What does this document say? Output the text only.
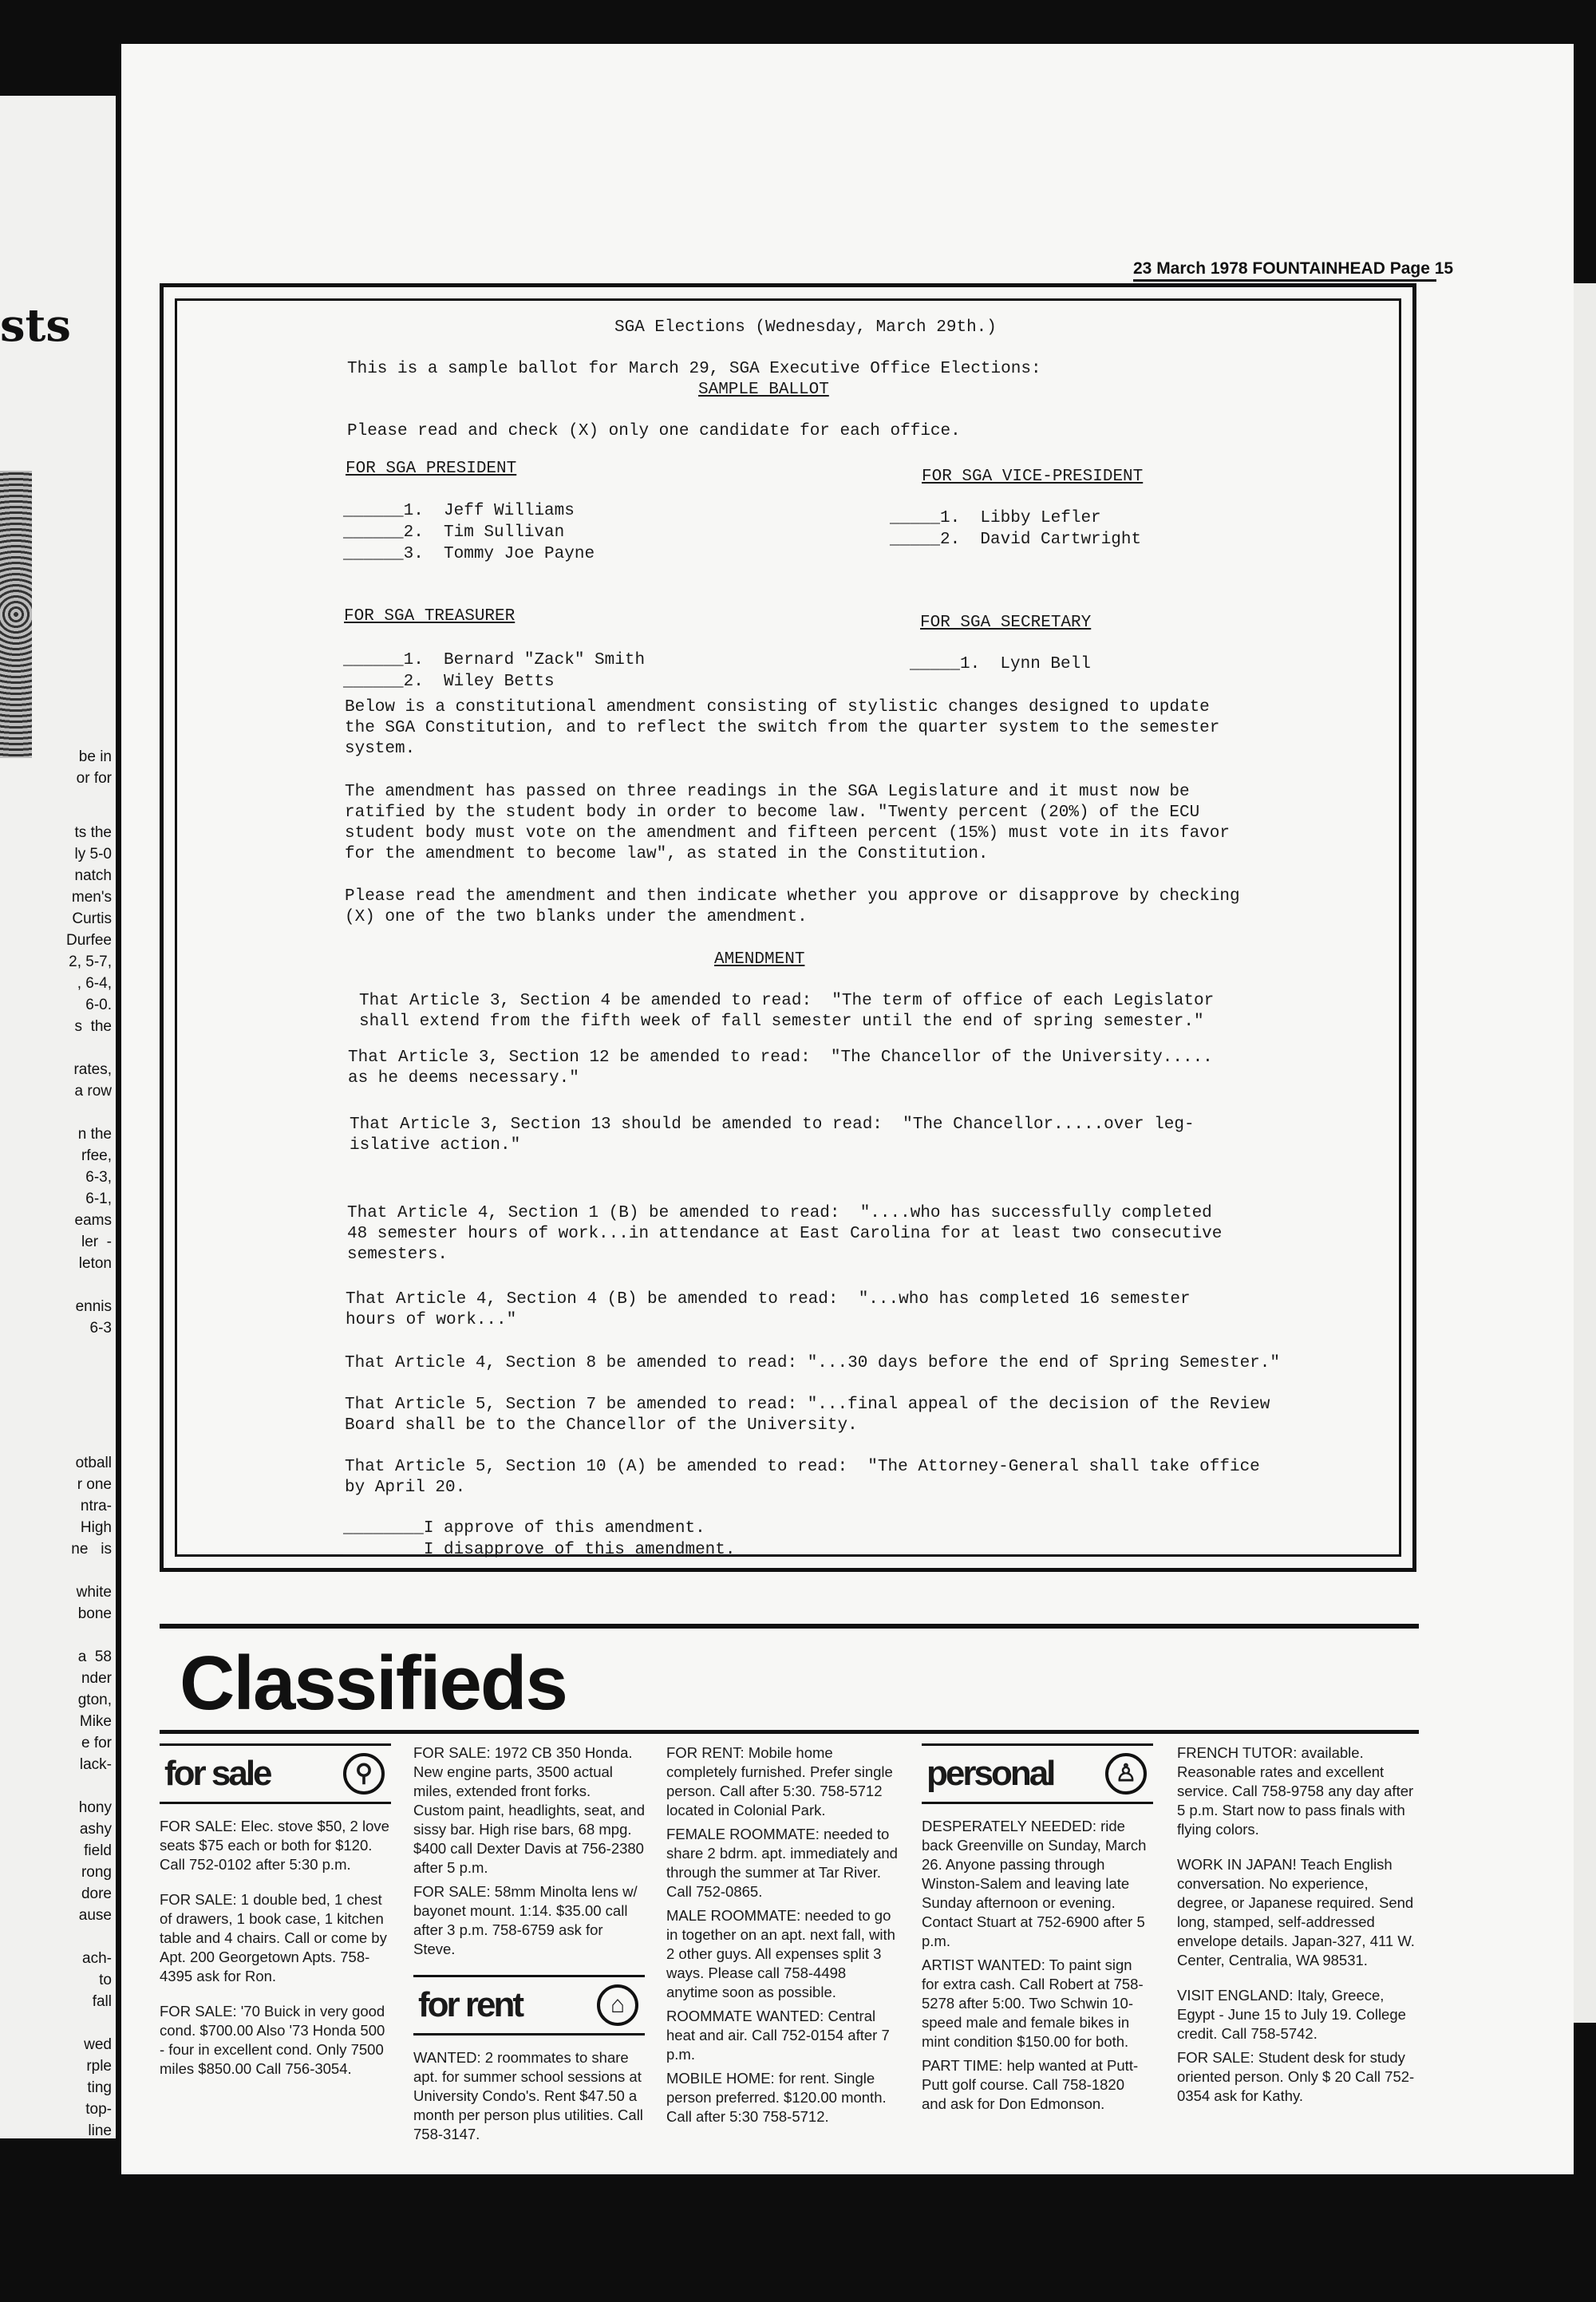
sts
be in
or for
ts the
ly 5-0
natch
men's
Curtis
Durfee
2, 5-7,
, 6-4,
6-0.
s  the

rates,
a row

n the
rfee,
6-3,
6-1,
eams
ler  -
leton

ennis
6-3
otball
r one
ntra-
High
ne   is

white
bone

a  58
nder
gton,
Mike
e for
lack-

hony
ashy
field
rong
dore
ause

ach-
to
fall

wed
rple
ting
top-
line
23 March 1978 FOUNTAINHEAD Page 15
SGA Elections (Wednesday, March 29th.)
This is a sample ballot for March 29, SGA Executive Office Elections:
SAMPLE BALLOT
Please read and check (X) only one candidate for each office.
FOR SGA PRESIDENT
______1.  Jeff Williams
______2.  Tim Sullivan
______3.  Tommy Joe Payne
FOR SGA VICE-PRESIDENT
_____1.  Libby Lefler
_____2.  David Cartwright
FOR SGA TREASURER
______1.  Bernard "Zack" Smith
______2.  Wiley Betts
FOR SGA SECRETARY
_____1.  Lynn Bell
Below is a constitutional amendment consisting of stylistic changes designed to update
the SGA Constitution, and to reflect the switch from the quarter system to the semester
system.
The amendment has passed on three readings in the SGA Legislature and it must now be
ratified by the student body in order to become law. "Twenty percent (20%) of the ECU
student body must vote on the amendment and fifteen percent (15%) must vote in its favor
for the amendment to become law", as stated in the Constitution.
Please read the amendment and then indicate whether you approve or disapprove by checking
(X) one of the two blanks under the amendment.
AMENDMENT
That Article 3, Section 4 be amended to read:  "The term of office of each Legislator
shall extend from the fifth week of fall semester until the end of spring semester."
That Article 3, Section 12 be amended to read:  "The Chancellor of the University.....
as he deems necessary."
That Article 3, Section 13 should be amended to read:  "The Chancellor.....over leg-
islative action."
That Article 4, Section 1 (B) be amended to read:  "....who has successfully completed
48 semester hours of work...in attendance at East Carolina for at least two consecutive
semesters.
That Article 4, Section 4 (B) be amended to read:  "...who has completed 16 semester
hours of work..."
That Article 4, Section 8 be amended to read: "...30 days before the end of Spring Semester."
That Article 5, Section 7 be amended to read: "...final appeal of the decision of the Review
Board shall be to the Chancellor of the University.
That Article 5, Section 10 (A) be amended to read:  "The Attorney-General shall take office
by April 20.
________I approve of this amendment.
________I disapprove of this amendment.
Classifieds
for sale	⚲

FOR SALE: Elec. stove $50, 2 love seats $75 each or both for $120. Call 752-0102 after 5:30 p.m.

FOR SALE: 1 double bed, 1 chest of drawers, 1 book case, 1 kitchen table and 4 chairs. Call or come by Apt. 200 Georgetown Apts. 758-4395 ask for Ron.

FOR SALE: '70 Buick in very good cond. $700.00 Also '73 Honda 500 - four in excellent cond. Only 7500 miles $850.00 Call 756-3054.

FOR SALE: 1972 CB 350 Honda. New engine parts, 3500 actual miles, extended front forks. Custom paint, headlights, seat, and sissy bar. High rise bars, 68 mpg. $400 call Dexter Davis at 756-2380 after 5 p.m.

FOR SALE: 58mm Minolta lens w/ bayonet mount. 1:14. $35.00 call after 3 p.m. 758-6759 ask for Steve.

for rent	⌂

WANTED: 2 roommates to share apt. for summer school sessions at University Condo's. Rent $47.50 a month per person plus utilities. Call 758-3147.

FOR RENT: Mobile home completely furnished. Prefer single person. Call after 5:30. 758-5712 located in Colonial Park.

FEMALE ROOMMATE: needed to share 2 bdrm. apt. immediately and through the summer at Tar River. Call 752-0865.

MALE ROOMMATE: needed to go in together on an apt. next fall, with 2 other guys. All expenses split 3 ways. Please call 758-4498 anytime soon as possible.

ROOMMATE WANTED: Central heat and air. Call 752-0154 after 7 p.m.

MOBILE HOME: for rent. Single person preferred. $120.00 month. Call after 5:30 758-5712.

personal	♙

DESPERATELY NEEDED: ride back Greenville on Sunday, March 26. Anyone passing through Winston-Salem and leaving late Sunday afternoon or evening. Contact Stuart at 752-6900 after 5 p.m.

ARTIST WANTED: To paint sign for extra cash. Call Robert at 758-5278 after 5:00. Two Schwin 10-speed male and female bikes in mint condition $150.00 for both.

PART TIME: help wanted at Putt-Putt golf course. Call 758-1820 and ask for Don Edmonson.

FRENCH TUTOR: available. Reasonable rates and excellent service. Call 758-9758 any day after 5 p.m. Start now to pass finals with flying colors.

WORK IN JAPAN! Teach English conversation. No experience, degree, or Japanese required. Send long, stamped, self-addressed envelope details. Japan-327, 411 W. Center, Centralia, WA 98531.

VISIT ENGLAND: Italy, Greece, Egypt - June 15 to July 19. College credit. Call 758-5742.

FOR SALE: Student desk for study oriented person. Only $ 20 Call 752-0354 ask for Kathy.
